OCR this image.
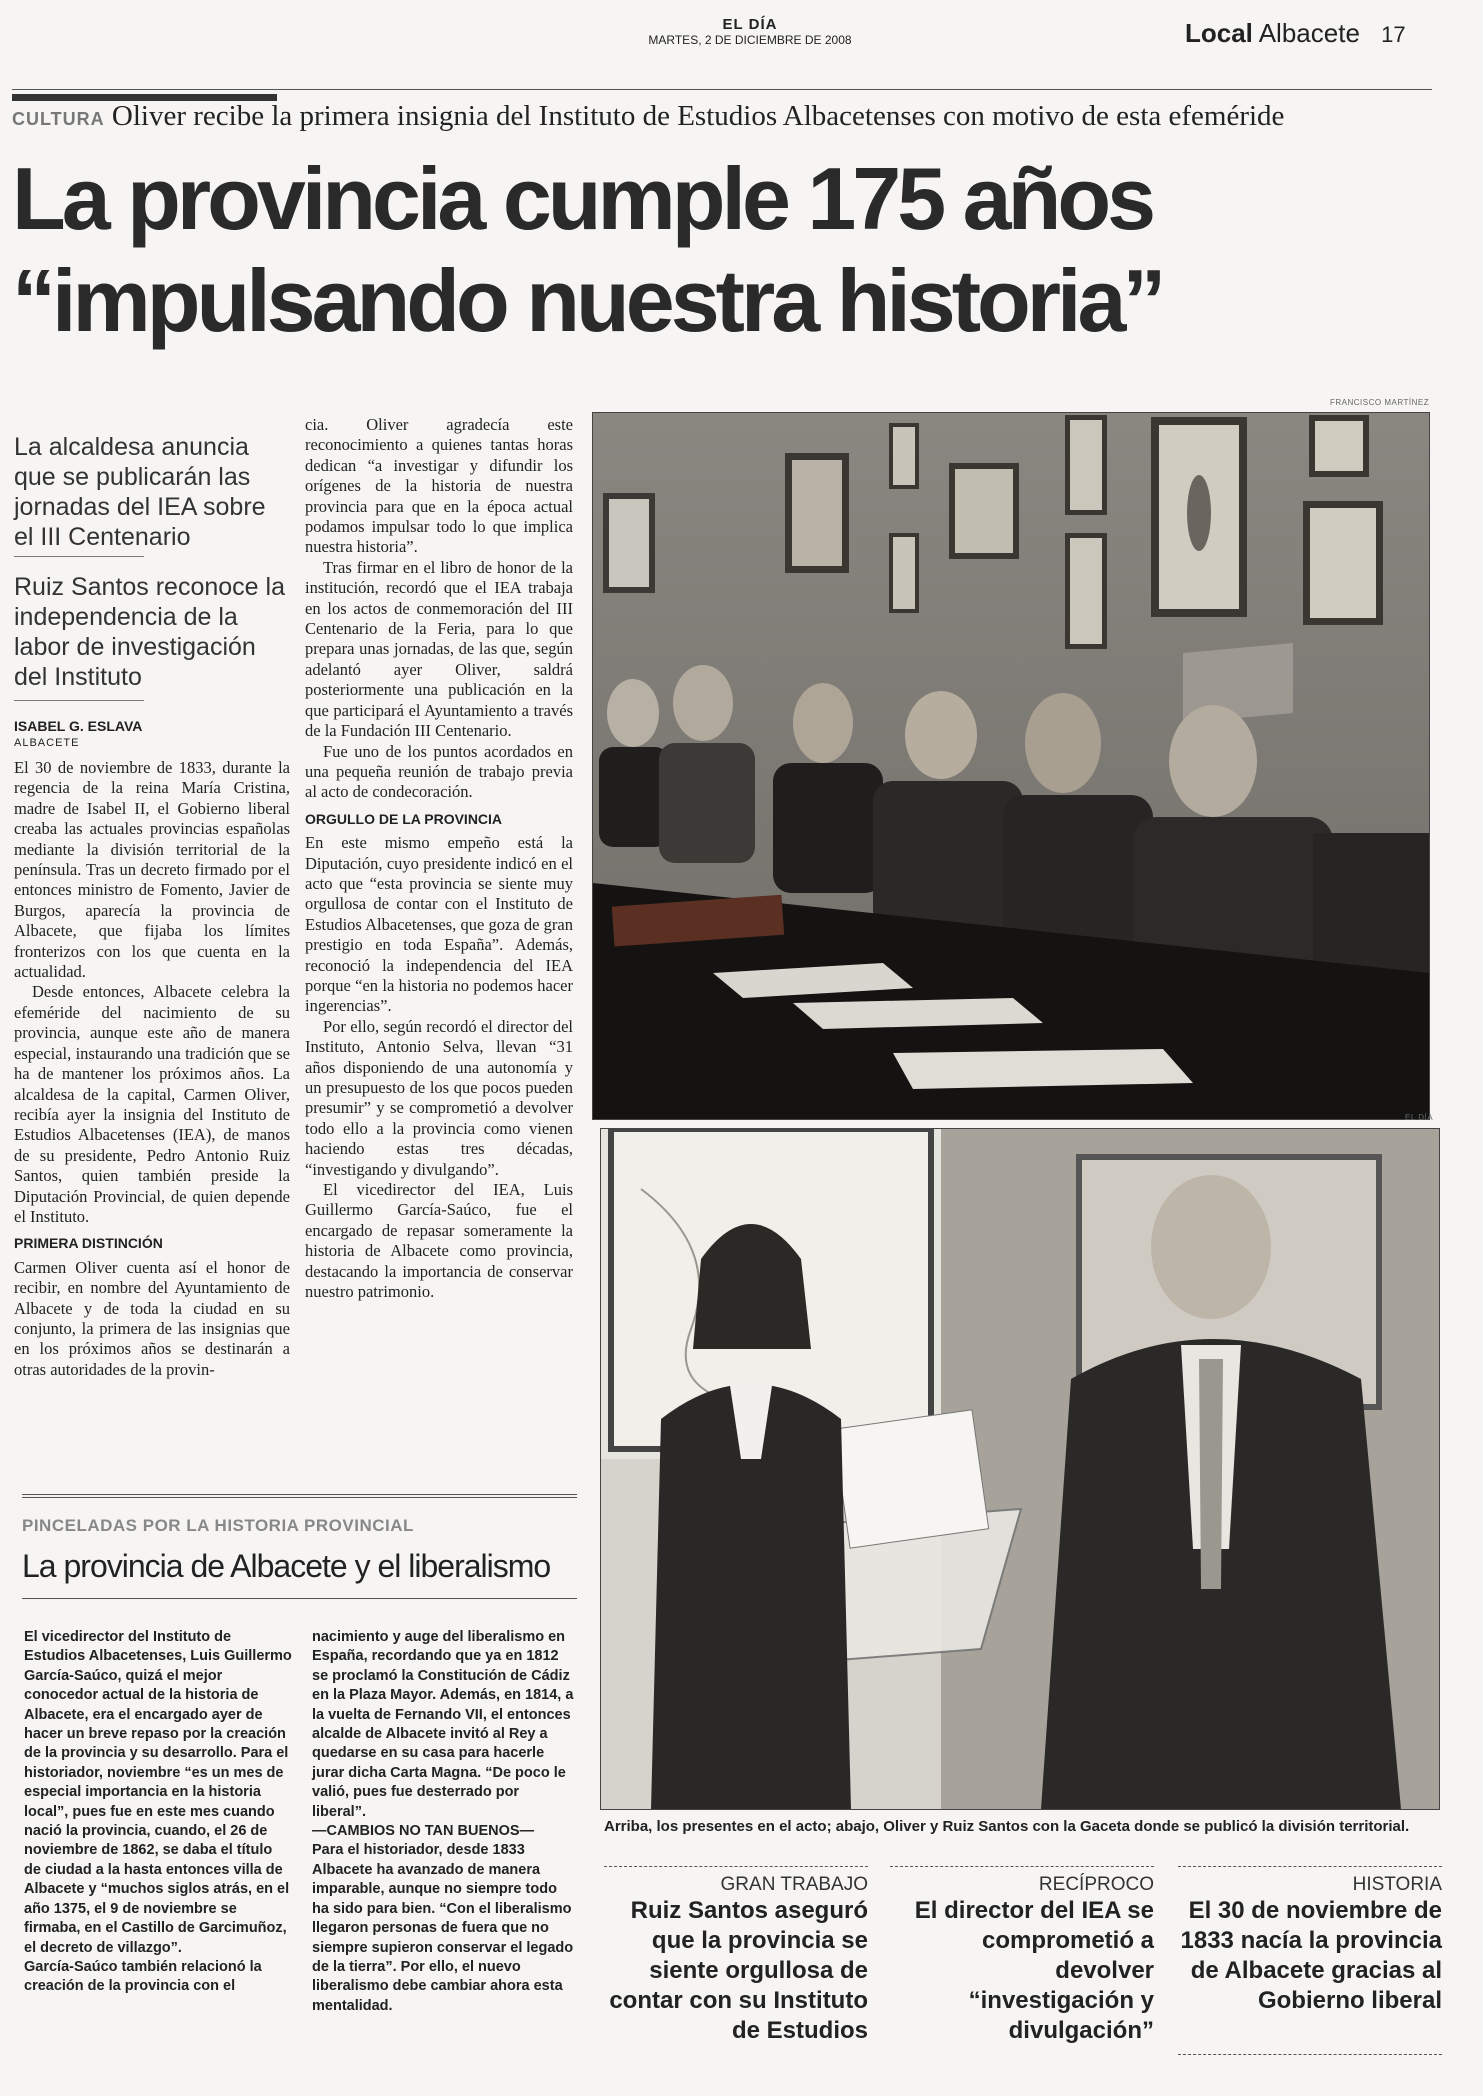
EL DÍA
MARTES, 2 DE DICIEMBRE DE 2008	Local Albacete 17
CULTURA Oliver recibe la primera insignia del Instituto de Estudios Albacetenses con motivo de esta efeméride
La provincia cumple 175 años
“impulsando nuestra historia”
La alcaldesa anuncia que se publicarán las jornadas del IEA sobre el III Centenario
Ruiz Santos reconoce la independencia de la labor de investigación del Instituto
ISABEL G. ESLAVA
ALBACETE

El 30 de noviembre de 1833, durante la regencia de la reina María Cristina, madre de Isabel II, el Gobierno liberal creaba las actuales provincias españolas mediante la división territorial de la península. Tras un decreto firmado por el entonces ministro de Fomento, Javier de Burgos, aparecía la provincia de Albacete, que fijaba los límites fronterizos con los que cuenta en la actualidad.

Desde entonces, Albacete celebra la efeméride del nacimiento de su provincia, aunque este año de manera especial, instaurando una tradición que se ha de mantener los próximos años. La alcaldesa de la capital, Carmen Oliver, recibía ayer la insignia del Instituto de Estudios Albacetenses (IEA), de manos de su presidente, Pedro Antonio Ruiz Santos, quien también preside la Diputación Provincial, de quien depende el Instituto.

PRIMERA DISTINCIÓN

Carmen Oliver cuenta así el honor de recibir, en nombre del Ayuntamiento de Albacete y de toda la ciudad en su conjunto, la primera de las insignias que en los próximos años se destinarán a otras autoridades de la provin-

cia. Oliver agradecía este reconocimiento a quienes tantas horas dedican “a investigar y difundir los orígenes de la historia de nuestra provincia para que en la época actual podamos impulsar todo lo que implica nuestra historia”.

Tras firmar en el libro de honor de la institución, recordó que el IEA trabaja en los actos de conmemoración del III Centenario de la Feria, para lo que prepara unas jornadas, de las que, según adelantó ayer Oliver, saldrá posteriormente una publicación en la que participará el Ayuntamiento a través de la Fundación III Centenario.

Fue uno de los puntos acordados en una pequeña reunión de trabajo previa al acto de condecoración.

ORGULLO DE LA PROVINCIA

En este mismo empeño está la Diputación, cuyo presidente indicó en el acto que “esta provincia se siente muy orgullosa de contar con el Instituto de Estudios Albacetenses, que goza de gran prestigio en toda España”. Además, reconoció la independencia del IEA porque “en la historia no podemos hacer ingerencias”.

Por ello, según recordó el director del Instituto, Antonio Selva, llevan “31 años disponiendo de una autonomía y un presupuesto de los que pocos pueden presumir” y se comprometió a devolver todo ello a la provincia como vienen haciendo estas tres décadas, “investigando y divulgando”.

El vicedirector del IEA, Luis Guillermo García-Saúco, fue el encargado de repasar someramente la historia de Albacete como provincia, destacando la importancia de conservar nuestro patrimonio.

FRANCISCO MARTÍNEZ
EL DÍA
Arriba, los presentes en el acto; abajo, Oliver y Ruiz Santos con la Gaceta donde se publicó la división territorial.
PINCELADAS POR LA HISTORIA PROVINCIAL
La provincia de Albacete y el liberalismo

El vicedirector del Instituto de Estudios Albacetenses, Luis Guillermo García-Saúco, quizá el mejor conocedor actual de la historia de Albacete, era el encargado ayer de hacer un breve repaso por la creación de la provincia y su desarrollo. Para el historiador, noviembre “es un mes de especial importancia en la historia local”, pues fue en este mes cuando nació la provincia, cuando, el 26 de noviembre de 1862, se daba el título de ciudad a la hasta entonces villa de Albacete y “muchos siglos atrás, en el año 1375, el 9 de noviembre se firmaba, en el Castillo de Garcimuñoz, el decreto de villazgo”.

García-Saúco también relacionó la creación de la provincia con el

nacimiento y auge del liberalismo en España, recordando que ya en 1812 se proclamó la Constitución de Cádiz en la Plaza Mayor. Además, en 1814, a la vuelta de Fernando VII, el entonces alcalde de Albacete invitó al Rey a quedarse en su casa para hacerle jurar dicha Carta Magna. “De poco le valió, pues fue desterrado por liberal”.

—CAMBIOS NO TAN BUENOS—

Para el historiador, desde 1833 Albacete ha avanzado de manera imparable, aunque no siempre todo ha sido para bien. “Con el liberalismo llegaron personas de fuera que no siempre supieron conservar el legado de la tierra”. Por ello, el nuevo liberalismo debe cambiar ahora esta mentalidad.

GRAN TRABAJO
Ruiz Santos aseguró que la provincia se siente orgullosa de contar con su Instituto de Estudios
RECÍPROCO
El director del IEA se comprometió a devolver “investigación y divulgación”
HISTORIA
El 30 de noviembre de 1833 nacía la provincia de Albacete gracias al Gobierno liberal
